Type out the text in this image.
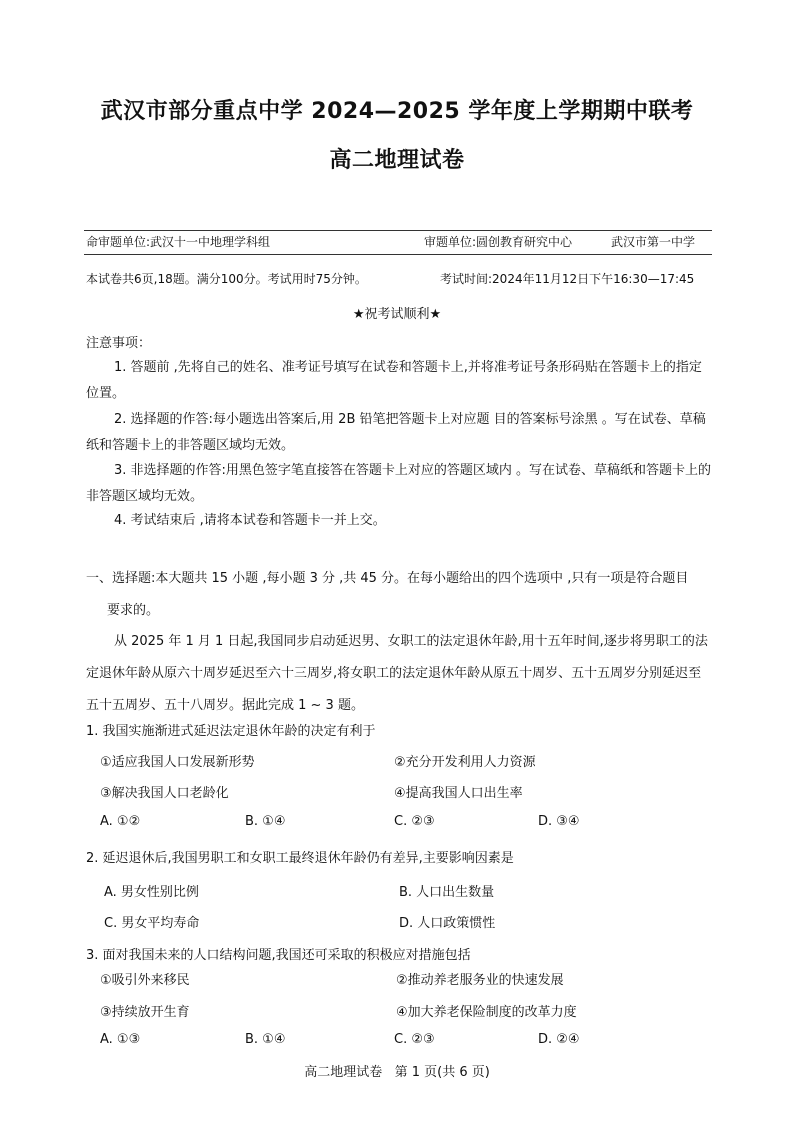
武汉市部分重点中学 2024—2025 学年度上学期期中联考
高二地理试卷
命审题单位:武汉十一中地理学科组	审题单位:圆创教育研究中心	武汉市第一中学
本试卷共6页,18题。满分100分。考试用时75分钟。	考试时间:2024年11月12日下午16:30—17:45
★祝考试顺利★
注意事项：
1. 答题前 ,先将自己的姓名、准考证号填写在试卷和答题卡上,并将准考证号条形码贴在答题卡上的指定位置。
2. 选择题的作答:每小题选出答案后,用 2B 铅笔把答题卡上对应题 目的答案标号涂黑 。写在试卷、草稿纸和答题卡上的非答题区域均无效。
3. 非选择题的作答:用黑色签字笔直接答在答题卡上对应的答题区域内 。写在试卷、草稿纸和答题卡上的非答题区域均无效。
4. 考试结束后 ,请将本试卷和答题卡一并上交。
一、选择题:本大题共 15 小题 ,每小题 3 分 ,共 45 分。在每小题给出的四个选项中 ,只有一项是符合题目
要求的。
从 2025 年 1 月 1 日起,我国同步启动延迟男、女职工的法定退休年龄,用十五年时间,逐步将男职工的法定退休年龄从原六十周岁延迟至六十三周岁,将女职工的法定退休年龄从原五十周岁、五十五周岁分别延迟至五十五周岁、五十八周岁。据此完成 1 ~ 3 题。
1. 我国实施渐进式延迟法定退休年龄的决定有利于
①适应我国人口发展新形势	②充分开发利用人力资源
③解决我国人口老龄化	④提高我国人口出生率
A. ①②	B. ①④	C. ②③	D. ③④
2. 延迟退休后,我国男职工和女职工最终退休年龄仍有差异,主要影响因素是
A. 男女性别比例	B. 人口出生数量
C. 男女平均寿命	D. 人口政策惯性
3. 面对我国未来的人口结构问题,我国还可采取的积极应对措施包括
①吸引外来移民	②推动养老服务业的快速发展
③持续放开生育	④加大养老保险制度的改革力度
A. ①③	B. ①④	C. ②③	D. ②④
高二地理试卷   第 1 页(共 6 页)
